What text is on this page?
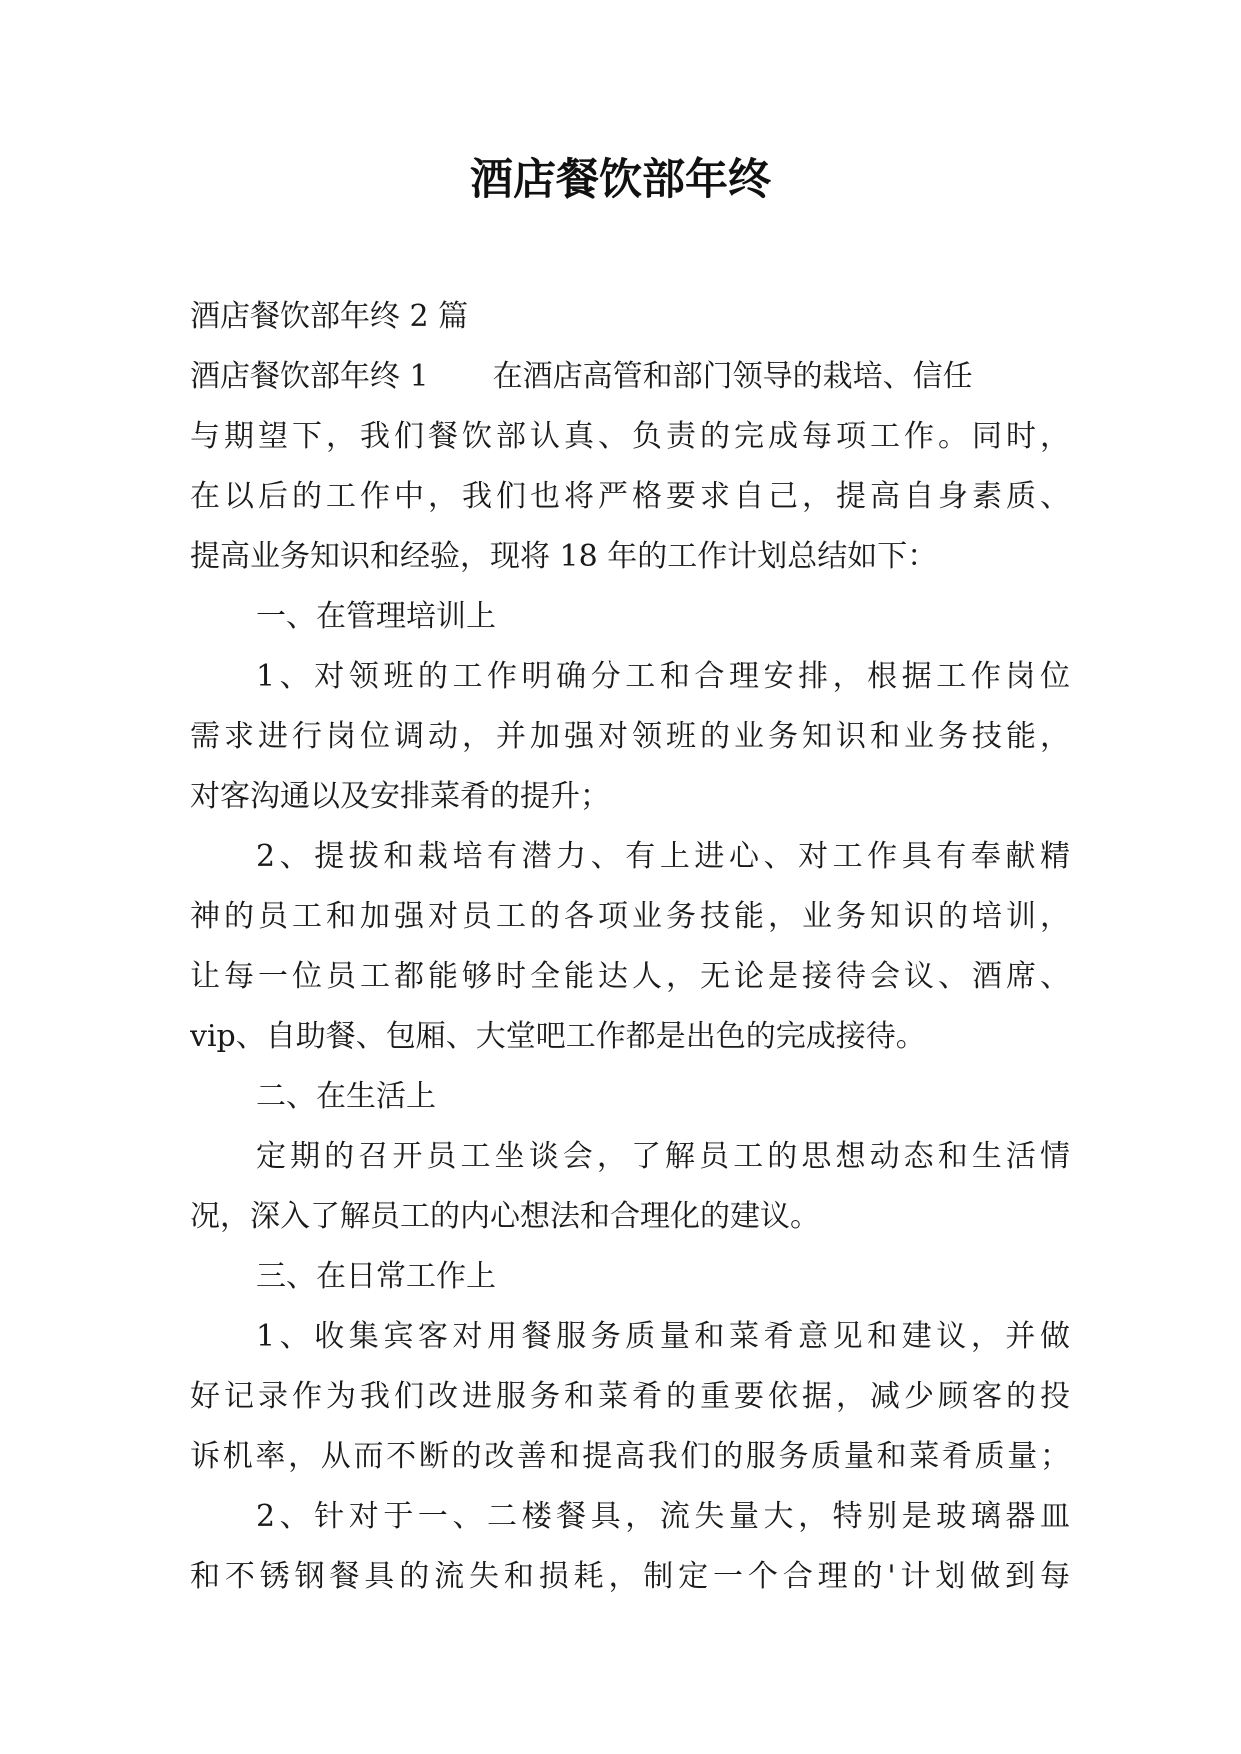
酒店餐饮部年终
酒店餐饮部年终 2 篇
酒店餐饮部年终 1 在酒店高管和部门领导的栽培、信任
与期望下，我们餐饮部认真、负责的完成每项工作。同时，
在以后的工作中，我们也将严格要求自己，提高自身素质、
提高业务知识和经验，现将 18 年的工作计划总结如下：
一、在管理培训上
1、对领班的工作明确分工和合理安排，根据工作岗位
需求进行岗位调动，并加强对领班的业务知识和业务技能，
对客沟通以及安排菜肴的提升；
2、提拔和栽培有潜力、有上进心、对工作具有奉献精
神的员工和加强对员工的各项业务技能，业务知识的培训，
让每一位员工都能够时全能达人，无论是接待会议、酒席、
vip、自助餐、包厢、大堂吧工作都是出色的完成接待。
二、在生活上
定期的召开员工坐谈会，了解员工的思想动态和生活情
况，深入了解员工的内心想法和合理化的建议。
三、在日常工作上
1、收集宾客对用餐服务质量和菜肴意见和建议，并做
好记录作为我们改进服务和菜肴的重要依据，减少顾客的投
诉机率，从而不断的改善和提高我们的服务质量和菜肴质量；
2、针对于一、二楼餐具，流失量大，特别是玻璃器皿
和不锈钢餐具的流失和损耗，制定一个合理的'计划做到每
